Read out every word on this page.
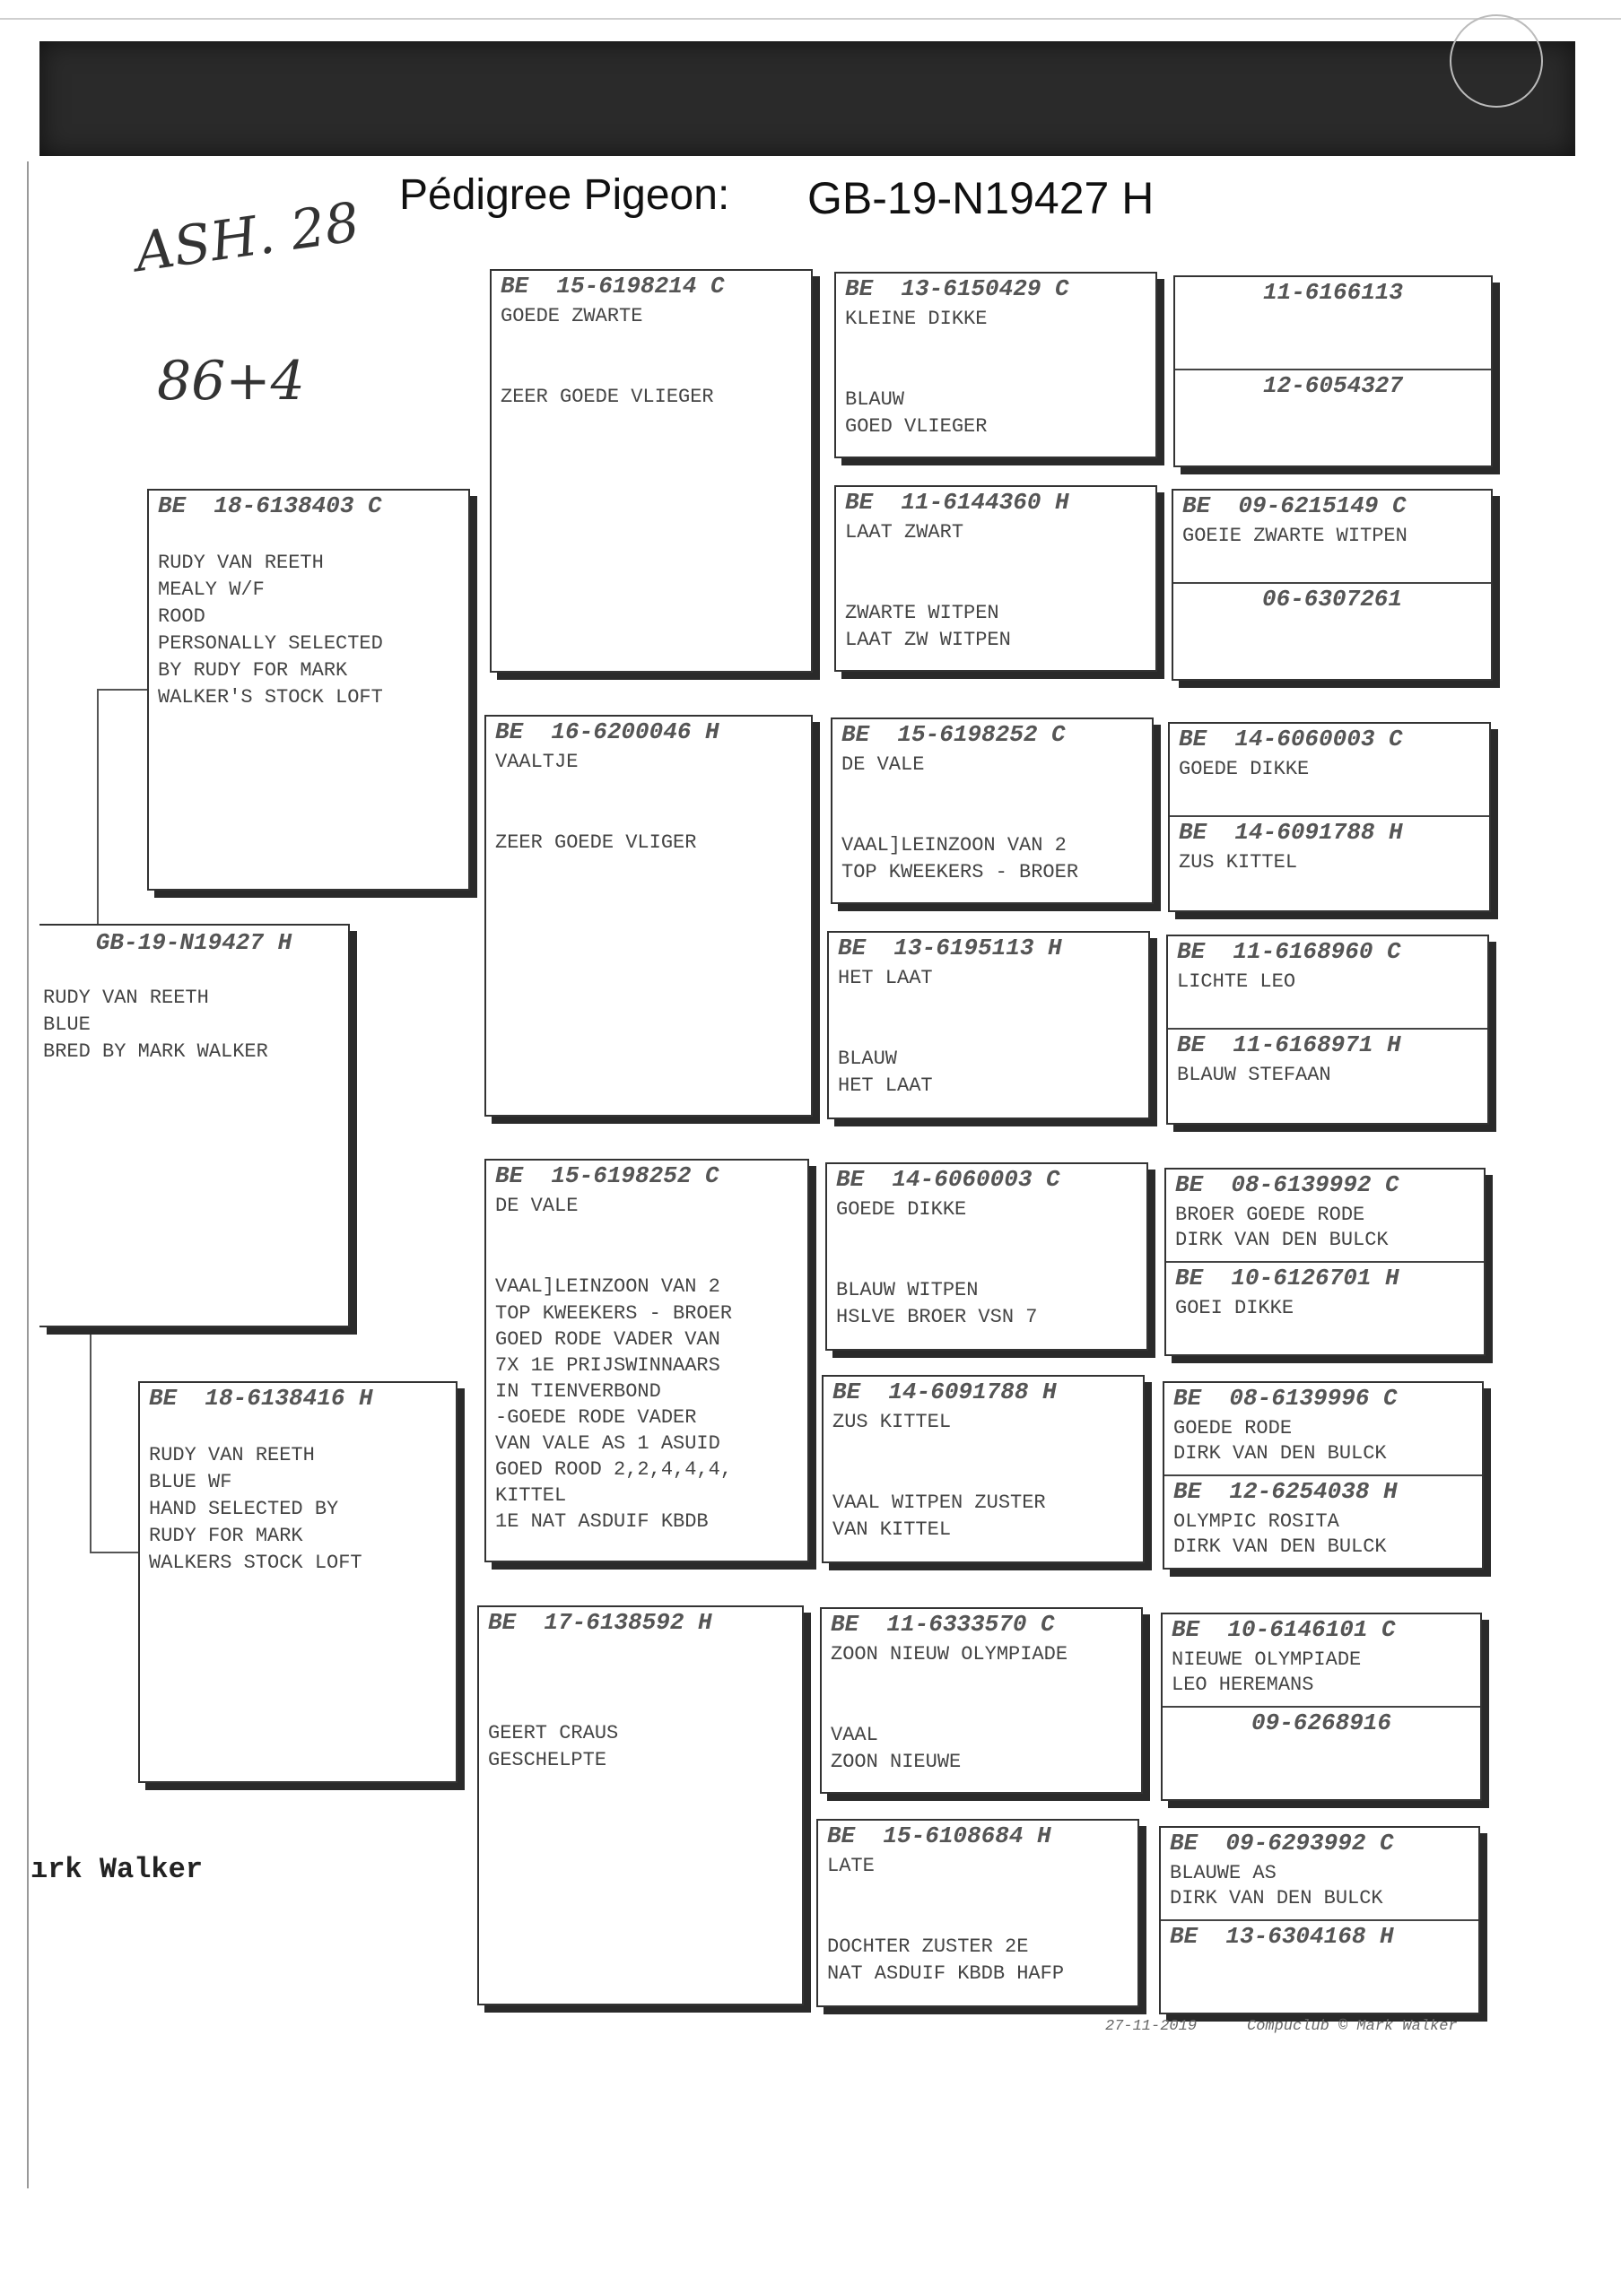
Pédigree Pigeon: GB-19-N19427 H
ASH. 28
86+4
GB-19-N19427 H
RUDY VAN REETH
BLUE
BRED BY MARK WALKER
BE  18-6138403 C
RUDY VAN REETH
MEALY W/F
ROOD
PERSONALLY SELECTED
BY RUDY FOR MARK
WALKER'S STOCK LOFT
BE  18-6138416 H
RUDY VAN REETH
BLUE WF
HAND SELECTED BY
RUDY FOR MARK
WALKERS STOCK LOFT
BE  15-6198214 C
GOEDE ZWARTE
ZEER GOEDE VLIEGER
BE  16-6200046 H
VAALTJE
ZEER GOEDE VLIGER
BE  15-6198252 C
DE VALE
VAAL]LEINZOON VAN 2
TOP KWEEKERS - BROER
GOED RODE VADER VAN
7X 1E PRIJSWINNAARS
IN TIENVERBOND
-GOEDE RODE VADER
VAN VALE AS 1 ASUID
GOED ROOD 2,2,4,4,4,
KITTEL
1E NAT ASDUIF KBDB
BE  17-6138592 H
GEERT CRAUS
GESCHELPTE
BE  13-6150429 C
KLEINE DIKKE
BLAUW
GOED VLIEGER
BE  11-6144360 H
LAAT ZWART
ZWARTE WITPEN
LAAT ZW WITPEN
BE  15-6198252 C
DE VALE
VAAL]LEINZOON VAN 2
TOP KWEEKERS - BROER
BE  13-6195113 H
HET LAAT
BLAUW
HET LAAT
BE  14-6060003 C
GOEDE DIKKE
BLAUW WITPEN
HSLVE BROER VSN 7
BE  14-6091788 H
ZUS KITTEL
VAAL WITPEN ZUSTER
VAN KITTEL
BE  11-6333570 C
ZOON NIEUW OLYMPIADE
VAAL
ZOON NIEUWE
BE  15-6108684 H
LATE
DOCHTER ZUSTER 2E
NAT ASDUIF KBDB HAFP
11-6166113
12-6054327
BE  09-6215149 C
GOEIE ZWARTE WITPEN
06-6307261
BE  14-6060003 C
GOEDE DIKKE
BE  14-6091788 H
ZUS KITTEL
BE  11-6168960 C
LICHTE LEO
BE  11-6168971 H
BLAUW STEFAAN
BE  08-6139992 C
BROER GOEDE RODE
DIRK VAN DEN BULCK
BE  10-6126701 H
GOEI DIKKE
BE  08-6139996 C
GOEDE RODE
DIRK VAN DEN BULCK
BE  12-6254038 H
OLYMPIC ROSITA
DIRK VAN DEN BULCK
BE  10-6146101 C
NIEUWE OLYMPIADE
LEO HEREMANS
09-6268916
BE  09-6293992 C
BLAUWE AS
DIRK VAN DEN BULCK
BE  13-6304168 H
ırk Walker
27-11-2019	Compuclub © Mark Walker
